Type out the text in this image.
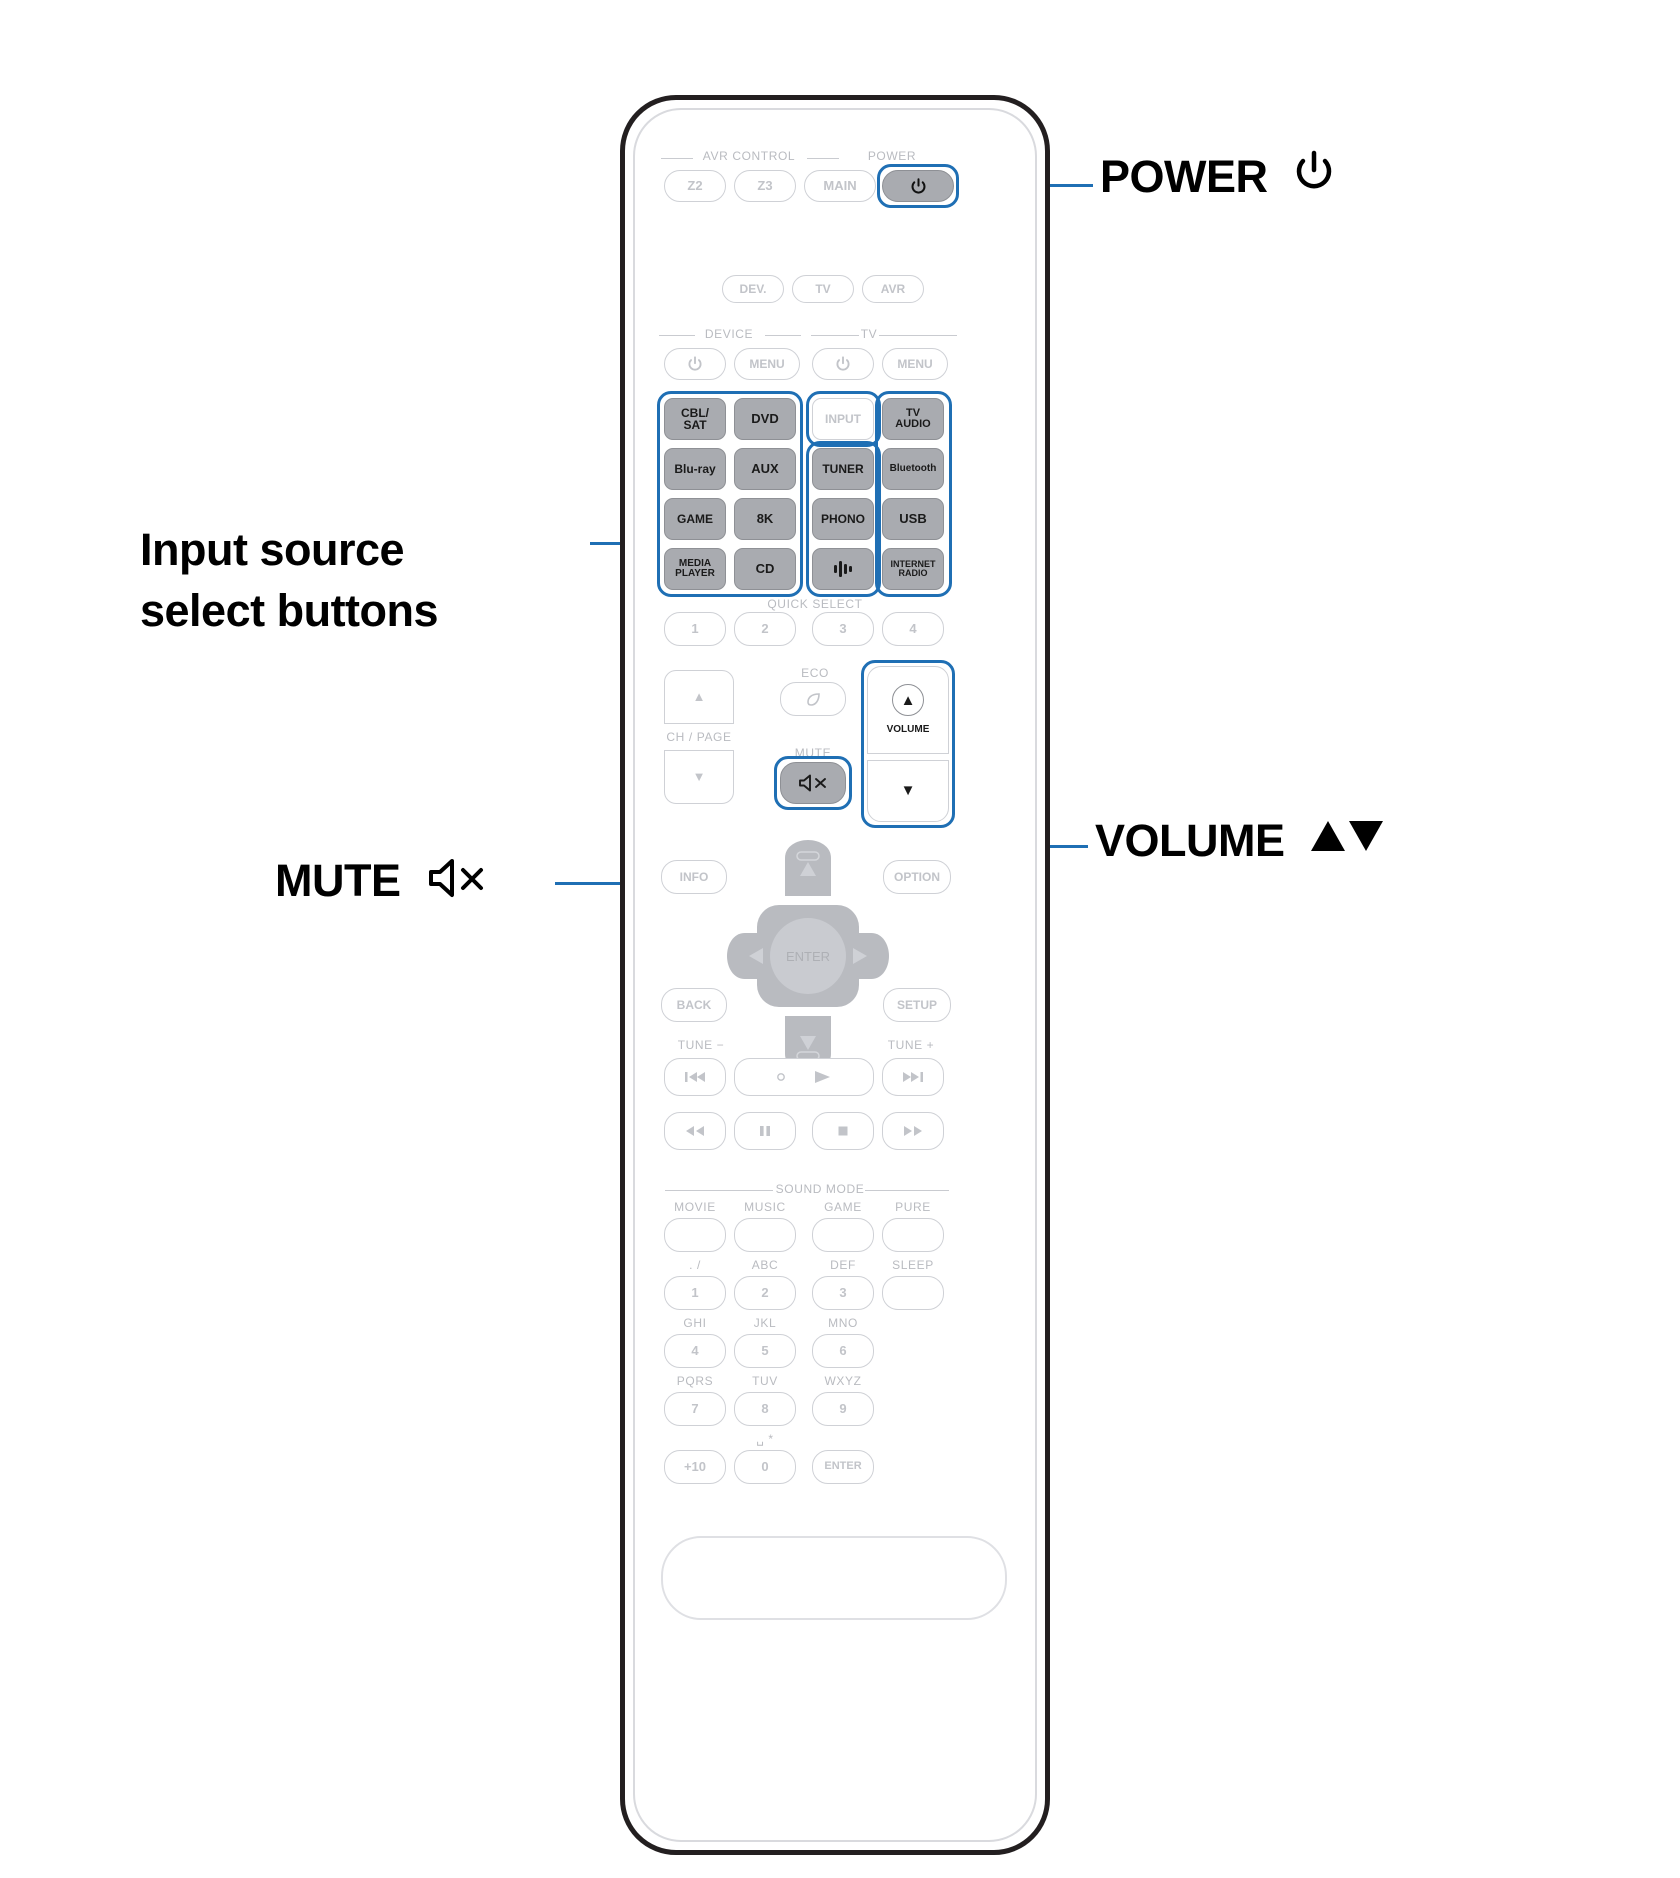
POWER
Input source
select buttons
MUTE
VOLUME
AVR CONTROL	POWER
Z2	Z3	MAIN
DEV.	TV	AVR
DEVICE	TV
MENU	MENU
CBL/
SAT	DVD	INPUT	TV
AUDIO
Blu-ray	AUX	TUNER	Bluetooth
GAME	8K	PHONO	USB
MEDIA
PLAYER	CD	INTERNET
RADIO
QUICK SELECT
1	2	3	4
▲
CH / PAGE
▼
ECO
MUTE
▲
VOLUME
▼
INFO	OPTION
ENTER
BACK	SETUP
TUNE −	TUNE +
SOUND MODE
MOVIE	MUSIC	GAME	PURE
. /	ABC	DEF	SLEEP
1	2	3
GHI	JKL	MNO
4	5	6
PQRS	TUV	WXYZ
7	8	9
␣ *
+10	0	ENTER
